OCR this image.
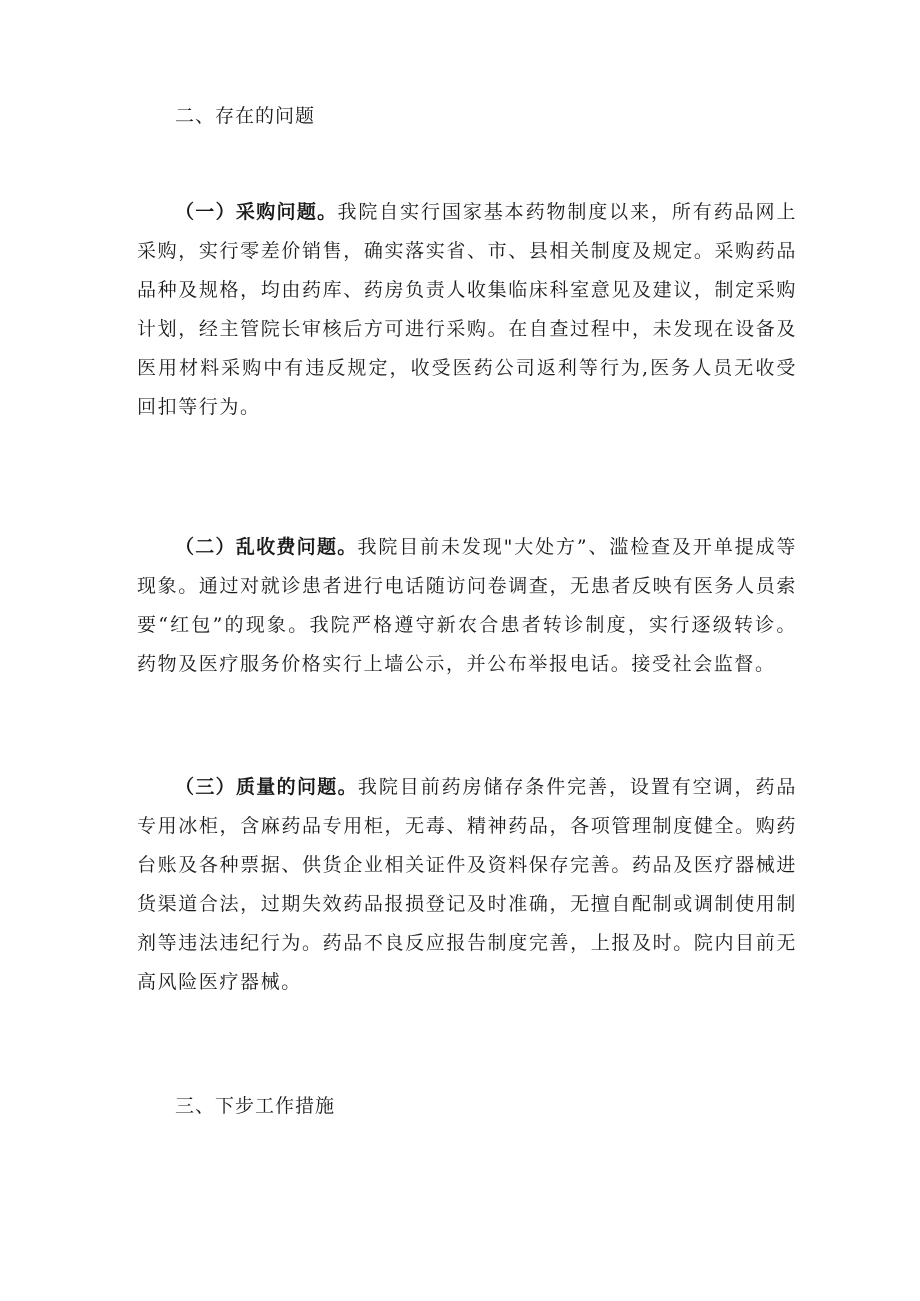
二、存在的问题

（一）采购问题。我院自实行国家基本药物制度以来，所有药品网上采购，实行零差价销售，确实落实省、市、县相关制度及规定。采购药品品种及规格，均由药库、药房负责人收集临床科室意见及建议，制定采购计划，经主管院长审核后方可进行采购。在自查过程中，未发现在设备及医用材料采购中有违反规定，收受医药公司返利等行为,医务人员无收受回扣等行为。

（二）乱收费问题。我院目前未发现"大处方”、滥检查及开单提成等现象。通过对就诊患者进行电话随访问卷调查，无患者反映有医务人员索要“红包”的现象。我院严格遵守新农合患者转诊制度，实行逐级转诊。药物及医疗服务价格实行上墙公示，并公布举报电话。接受社会监督。

（三）质量的问题。我院目前药房储存条件完善，设置有空调，药品专用冰柜，含麻药品专用柜，无毒、精神药品，各项管理制度健全。购药台账及各种票据、供货企业相关证件及资料保存完善。药品及医疗器械进货渠道合法，过期失效药品报损登记及时准确，无擅自配制或调制使用制剂等违法违纪行为。药品不良反应报告制度完善，上报及时。院内目前无高风险医疗器械。

三、下步工作措施
